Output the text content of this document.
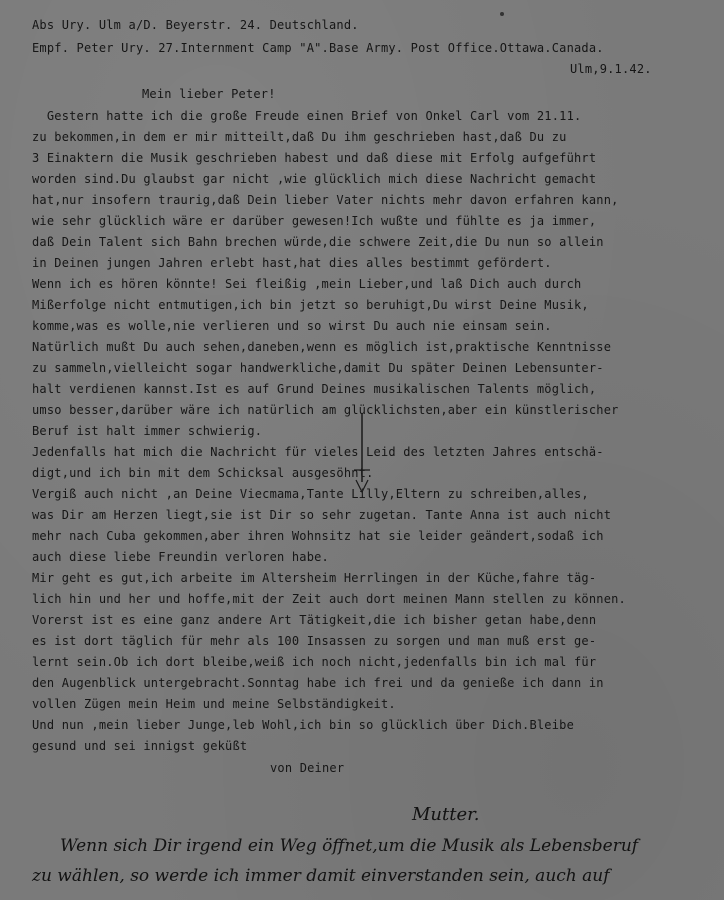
Abs Ury. Ulm a/D. Beyerstr. 24. Deutschland.
Empf. Peter Ury. 27.Internment Camp "A".Base Army. Post Office.Ottawa.Canada.
Ulm,9.1.42.
Mein lieber Peter!
Gestern hatte ich die große Freude einen Brief von Onkel Carl vom 21.11.
zu bekommen,in dem er mir mitteilt,daß Du ihm geschrieben hast,daß Du zu
3 Einaktern die Musik geschrieben habest und daß diese mit Erfolg aufgeführt
worden sind.Du glaubst gar nicht ,wie glücklich mich diese Nachricht gemacht
hat,nur insofern traurig,daß Dein lieber Vater nichts mehr davon erfahren kann,
wie sehr glücklich wäre er darüber gewesen!Ich wußte und fühlte es ja immer,
daß Dein Talent sich Bahn brechen würde,die schwere Zeit,die Du nun so allein
in Deinen jungen Jahren erlebt hast,hat dies alles bestimmt gefördert.
Wenn ich es hören könnte! Sei fleißig ,mein Lieber,und laß Dich auch durch
Mißerfolge nicht entmutigen,ich bin jetzt so beruhigt,Du wirst Deine Musik,
komme,was es wolle,nie verlieren und so wirst Du auch nie einsam sein.
Natürlich mußt Du auch sehen,daneben,wenn es möglich ist,praktische Kenntnisse
zu sammeln,vielleicht sogar handwerkliche,damit Du später Deinen Lebensunter-
halt verdienen kannst.Ist es auf Grund Deines musikalischen Talents möglich,
umso besser,darüber wäre ich natürlich am glücklichsten,aber ein künstlerischer
Beruf ist halt immer schwierig.
Jedenfalls hat mich die Nachricht für vieles Leid des letzten Jahres entschä-
digt,und ich bin mit dem Schicksal ausgesöhnt.
Vergiß auch nicht ,an Deine Viecmama,Tante Lilly,Eltern zu schreiben,alles,
was Dir am Herzen liegt,sie ist Dir so sehr zugetan. Tante Anna ist auch nicht
mehr nach Cuba gekommen,aber ihren Wohnsitz hat sie leider geändert,sodaß ich
auch diese liebe Freundin verloren habe.
Mir geht es gut,ich arbeite im Altersheim Herrlingen in der Küche,fahre täg-
lich hin und her und hoffe,mit der Zeit auch dort meinen Mann stellen zu können.
Vorerst ist es eine ganz andere Art Tätigkeit,die ich bisher getan habe,denn
es ist dort täglich für mehr als 100 Insassen zu sorgen und man muß erst ge-
lernt sein.Ob ich dort bleibe,weiß ich noch nicht,jedenfalls bin ich mal für
den Augenblick untergebracht.Sonntag habe ich frei und da genieße ich dann in
vollen Zügen mein Heim und meine Selbständigkeit.
Und nun ,mein lieber Junge,leb Wohl,ich bin so glücklich über Dich.Bleibe
gesund und sei innigst geküßt
von Deiner
Mutter.
Wenn sich Dir irgend ein Weg öffnet,um die Musik als Lebensberuf
zu wählen, so werde ich immer damit einverstanden sein, auch auf
